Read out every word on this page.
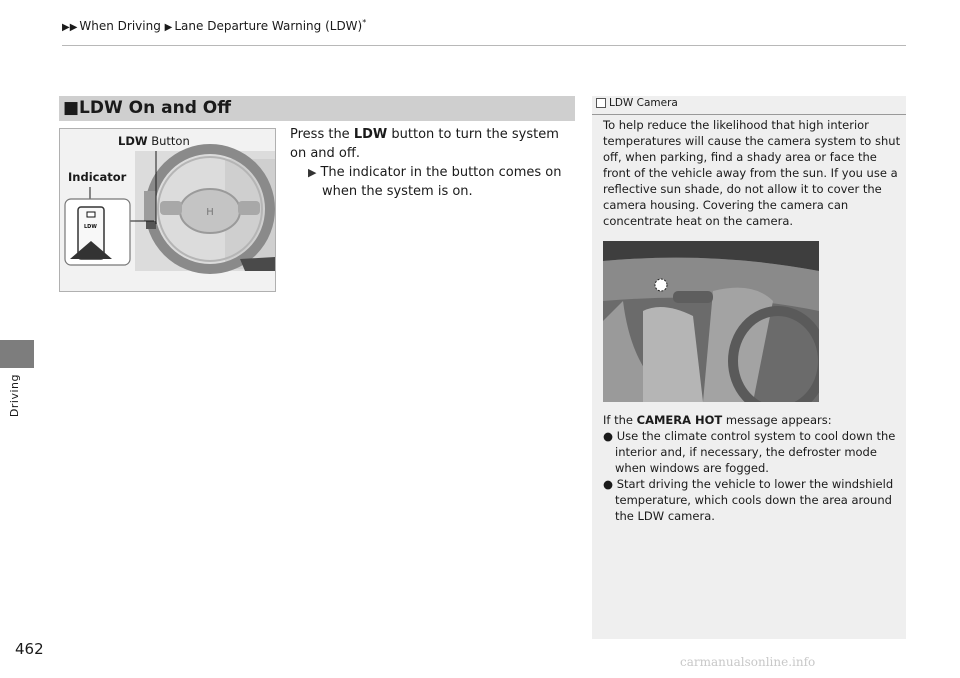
▶▶ When Driving ▶ Lane Departure Warning (LDW)*
Driving
462
■LDW On and Off
H
LDW Button
Indicator
LDW
Press the LDW button to turn the system on and off.
▶ The indicator in the button comes on when the system is on.
LDW Camera
To help reduce the likelihood that high interior temperatures will cause the camera system to shut off, when parking, find a shady area or face the front of the vehicle away from the sun. If you use a reflective sun shade, do not allow it to cover the camera housing. Covering the camera can concentrate heat on the camera.
If the CAMERA HOT message appears:
● Use the climate control system to cool down the interior and, if necessary, the defroster mode when windows are fogged.
● Start driving the vehicle to lower the windshield temperature, which cools down the area around the LDW camera.
carmanualsonline.info
